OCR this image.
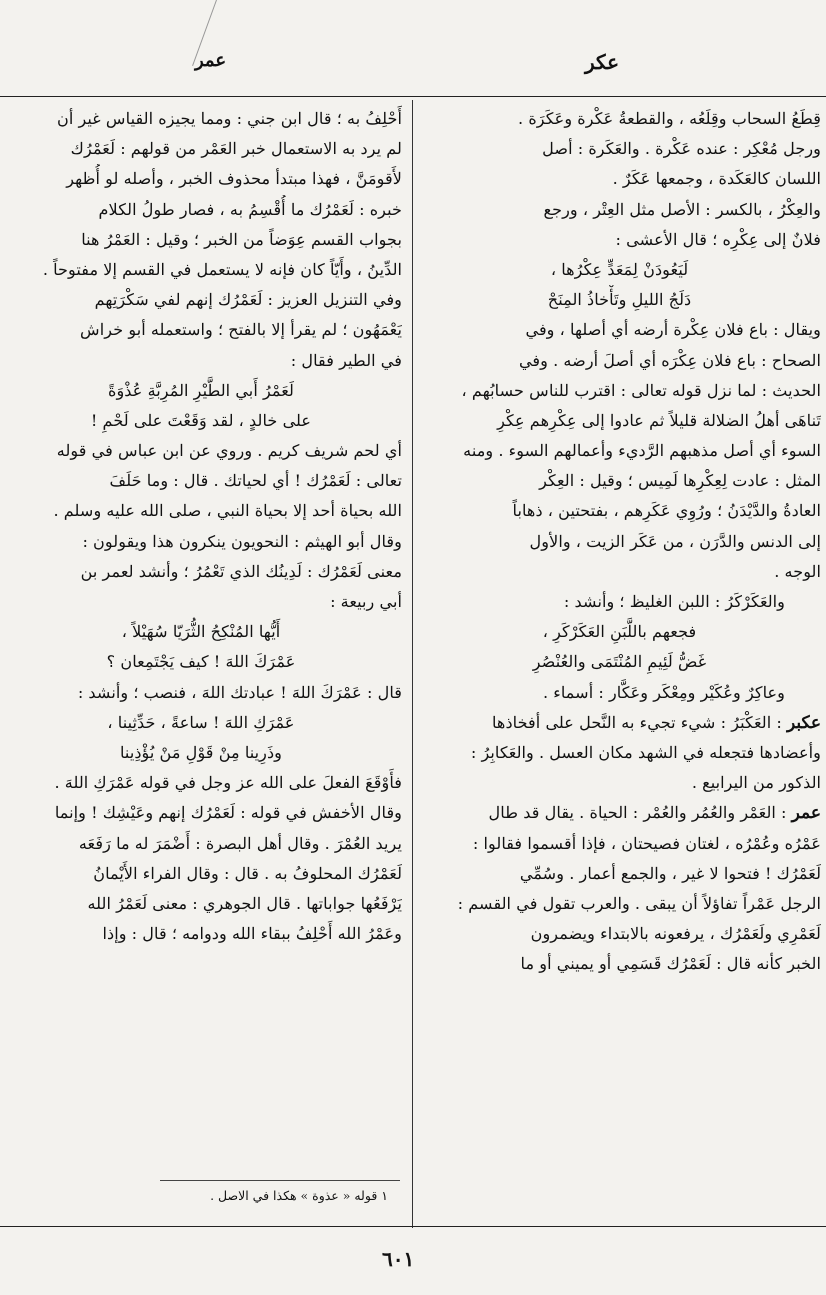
عكر
عمر
قِطَعُ السحاب وقِلَعُه ، والقطعةُ عَكْرة وعَكَرَة .
ورجل مُعْكِر : عنده عَكْرة . والعَكَرة : أصل
اللسان كالعَكَدة ، وجمعها عَكَرٌ .
والعِكْرُ ، بالكسر : الأصل مثل العِتْر ، ورجع
فلانٌ إلى عِكْرِه ؛ قال الأعشى :
لَيَعُودَنْ لِمَعَدٍّ عِكْرُها ،
دَلَجُ الليلِ وتَأْخاذُ المِنَحْ
ويقال : باع فلان عِكْرة أرضه أي أصلها ، وفي
الصحاح : باع فلان عِكْرَه أي أصلَ أرضه . وفي
الحديث : لما نزل قوله تعالى : اقترب للناس حسابُهم ،
تَناهَى أهلُ الضلالة قليلاً ثم عادوا إلى عِكْرِهم عِكْرِ
السوء أي أصل مذهبهم الرَّديء وأعمالهم السوء . ومنه
المثل : عادت لِعِكْرِها لَمِيس ؛ وقيل : العِكْر
العادةُ والدَّيْدَنُ ؛ ورُوِي عَكَرِهم ، بفتحتين ، ذهاباً
إلى الدنس والدَّرَن ، من عَكَر الزيت ، والأول
الوجه .
والعَكَرْكَرُ : اللبن الغليظ ؛ وأنشد :
فجعهم باللَّبَنِ العَكَرْكَرِ ،
غَضُّ لَئِيمِ المُنْتَمَى والعُنْصُرِ
وعاكِرٌ وعُكَيْر ومِعْكَر وعَكَّار : أسماء .
عكبر : العَكْبَرُ : شيء تجيء به النَّحل على أفخاذها
وأعضادها فتجعله في الشهد مكان العسل . والعَكابِرُ :
الذكور من اليرابيع .
عمر : العَمْر والعُمُر والعُمْر : الحياة . يقال قد طال
عَمْرُه وعُمْرُه ، لغتان فصيحتان ، فإذا أقسموا فقالوا :
لَعَمْرُك ! فتحوا لا غير ، والجمع أعمار . وسُمِّي
الرجل عَمْراً تفاؤلاً أن يبقى . والعرب تقول في القسم :
لَعَمْرِي ولَعَمْرُك ، يرفعونه بالابتداء ويضمرون
الخبر كأنه قال : لَعَمْرُك قَسَمِي أو يميني أو ما
أَحْلِفُ به ؛ قال ابن جني : ومما يجيزه القياس غير أن
لم يرد به الاستعمال خبر العَمْر من قولهم : لَعَمْرُك
لأَقومَنَّ ، فهذا مبتدأ محذوف الخبر ، وأصله لو أُظهر
خبره : لَعَمْرُك ما أُقْسِمُ به ، فصار طولُ الكلام
بجواب القسم عِوَضاً من الخبر ؛ وقيل : العَمْرُ هنا
الدِّينُ ، وأَيّاً كان فإنه لا يستعمل في القسم إلا مفتوحاً .
وفي التنزيل العزيز : لَعَمْرُك إنهم لفي سَكْرَتِهم
يَعْمَهُون ؛ لم يقرأ إلا بالفتح ؛ واستعمله أبو خراش
في الطير فقال :
لَعَمْرُ أَبي الطَّيْرِ المُرِبَّةِ عُذْوَةً
على خالدٍ ، لقد وَقَعْتَ على لَحْمِ !
أي لحم شريف كريم . وروي عن ابن عباس في قوله
تعالى : لَعَمْرُك ! أي لحياتك . قال : وما حَلَفَ
الله بحياة أحد إلا بحياة النبي ، صلى الله عليه وسلم .
وقال أبو الهيثم : النحويون ينكرون هذا ويقولون :
معنى لَعَمْرُك : لَدِينُك الذي تَعْمُرُ ؛ وأنشد لعمر بن
أبي ربيعة :
أَيُّها المُنْكِحُ الثُّرَيّا سُهَيْلاً ،
عَمْرَكَ اللهَ ! كيف يَجْتَمِعان ؟
قال : عَمْرَكَ اللهَ ! عبادتك اللهَ ، فنصب ؛ وأنشد :
عَمْرَكِ اللهَ ! ساعةً ، حَدِّثِينا ،
وذَرِينا مِنْ قَوْلِ مَنْ يُؤْذِينا
فأَوْقَعَ الفعلَ على الله عز وجل في قوله عَمْرَكِ اللهَ .
وقال الأخفش في قوله : لَعَمْرُك إنهم وعَيْشِك ! وإنما
يريد العُمْرَ . وقال أهل البصرة : أَضْمَرَ له ما رَفَعَه
لَعَمْرُك المحلوفُ به . قال : وقال الفراء الأَيْمانُ
يَرْفَعُها جواباتها . قال الجوهري : معنى لَعَمْرُ الله
وعَمْرُ الله أَحْلِفُ ببقاء الله ودوامه ؛ قال : وإذا
١ قوله « عذوة » هكذا في الاصل .
٦٠١
